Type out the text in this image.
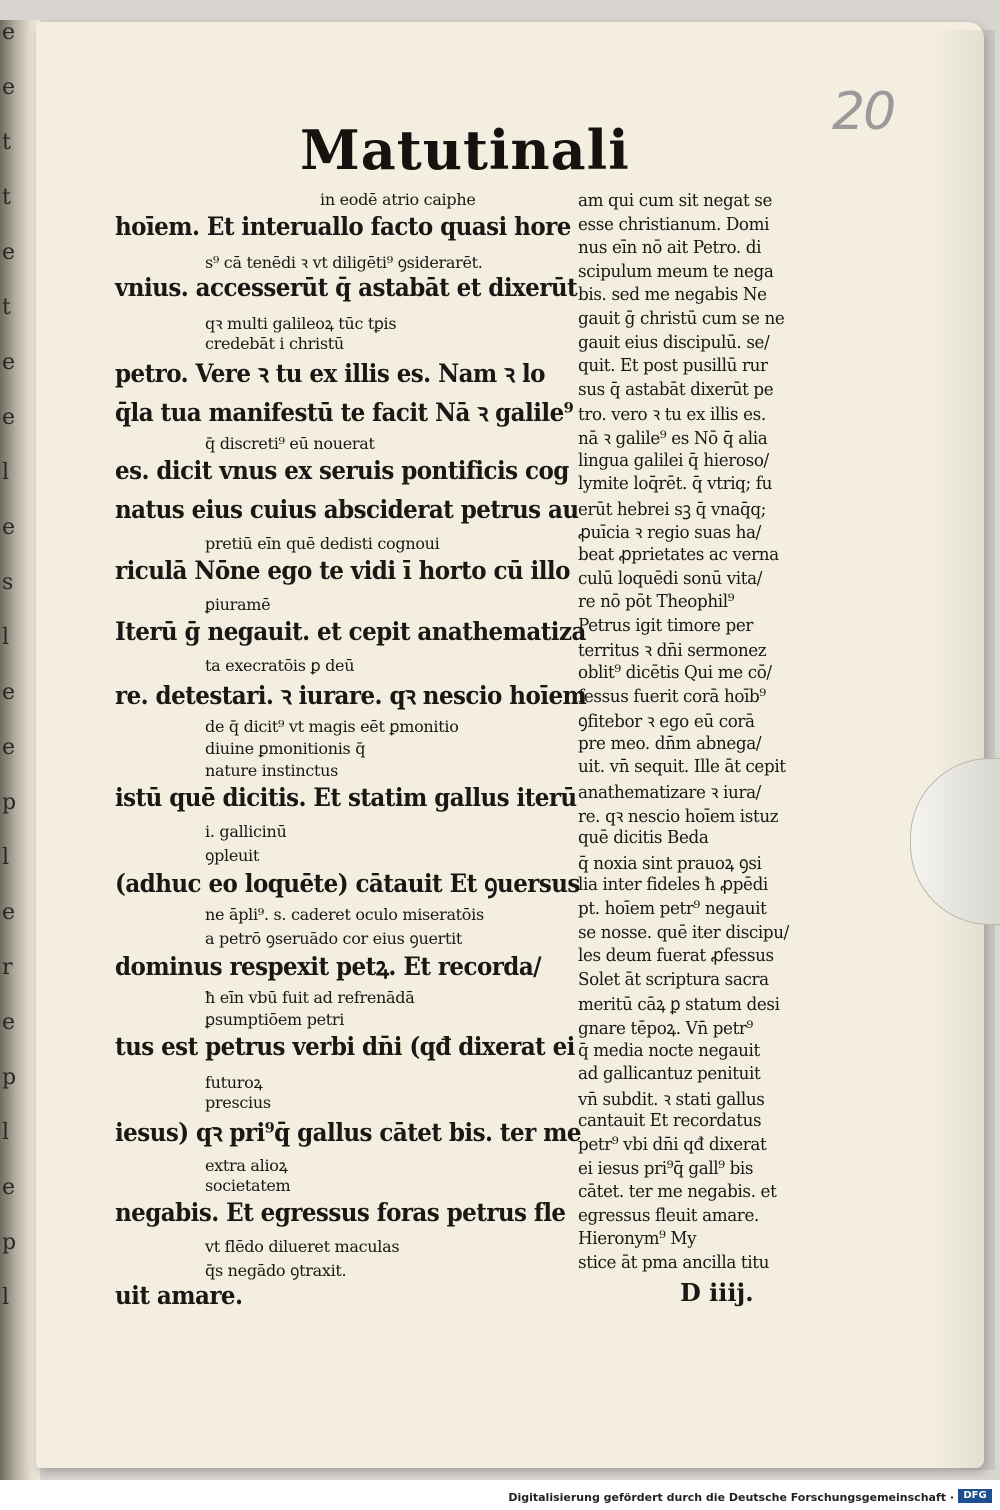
e
e
t
t
e
t
e
e
l
e
s
l
e
e
p
l
e
r
e
p
l
e
p
l
20
Matutinali
in eodē atrio caiphe
hoīem. Et interuallo facto quasi hore
s⁹ cā tenēdi ꝛ vt diligēti⁹ ꝯsiderarēt.
vnius. accesserūt q̄ astabāt et dixerūt
qꝛ multi galileoꝝ tūc tꝑis
credebāt i christū
petro. Vere ꝛ tu ex illis es. Nam ꝛ lo
q̄la tua manifestū te facit Nā ꝛ galile⁹
q̄ discreti⁹ eū nouerat
es. dicit vnus ex seruis pontificis cog
natus eius cuius absciderat petrus au
pretiū eīn quē dedisti cognoui
riculā Nōne ego te vidi ī horto cū illo
ꝑiuramē
Iterū ḡ negauit. et cepit anathematiza
ta execratōis ꝑ deū
re. detestari. ꝛ iurare. qꝛ nescio hoīem
de q̄ dicit⁹ vt magis eēt ꝑmonitio
diuine ꝑmonitionis q̄
nature instinctus
istū quē dicitis. Et statim gallus iterū
i. gallicinū
ꝯpleuit
(adhuc eo loquēte) cātauit Et ꝯuersus
ne āpli⁹. s. caderet oculo miseratōis
a petrō ꝯseruādo cor eius ꝯuertit
dominus respexit petꝝ. Et recorda/
ħ eīn vbū fuit ad refrenādā
ꝑsumptiōem petri
tus est petrus verbi dn̄i (qđ dixerat ei
futuroꝝ
prescius
iesus) qꝛ pri⁹q̄ gallus cātet bis. ter me
extra alioꝝ
societatem
negabis. Et egressus foras petrus fle
vt flēdo dilueret maculas
q̄s negādo ꝯtraxit.
uit amare.
am qui cum sit negat se
esse christianum. Domi
nus eīn nō ait Petro. di
scipulum meum te nega
bis. sed me negabis Ne
gauit ḡ christū cum se ne
gauit eius discipulū. se/
quit. Et post pusillū rur
sus q̄ astabāt dixerūt pe
tro. vero ꝛ tu ex illis es.
nā ꝛ galile⁹ es Nō q̄ alia
lingua galilei q̄ hieroso/
lymite loq̄rēt. q̄ vtriq; fu
erūt hebrei sꝫ q̄ vnaq̄q;
ꝓuīcia ꝛ regio suas ha/
beat ꝓprietates ac verna
culū loquēdi sonū vita/
re nō pōt Theophil⁹
Petrus igit timore per
territus ꝛ dn̄i sermonez
oblit⁹ dicētis Qui me cō/
fessus fuerit corā hoīb⁹
ꝯfitebor ꝛ ego eū corā
pre meo. dn̄m abnega/
uit. vn̄ sequit. Ille āt cepit
anathematizare ꝛ iura/
re. qꝛ nescio hoīem istuz
quē dicitis Beda
q̄ noxia sint prauoꝝ ꝯsi
lia inter fideles ħ ꝓpēdi
pt. hoīem petr⁹ negauit
se nosse. quē iter discipu/
les deum fuerat ꝓfessus
Solet āt scriptura sacra
meritū cāꝝ ꝑ statum desi
gnare tēpoꝝ. Vn̄ petr⁹
q̄ media nocte negauit
ad gallicantuz penituit
vn̄ subdit. ꝛ stati gallus
cantauit Et recordatus
petr⁹ vbi dn̄i qđ dixerat
ei iesus pri⁹q̄ gall⁹ bis
cātet. ter me negabis. et
egressus fleuit amare.
Hieronym⁹ My
stice āt pma ancilla titu
D iiij.
Digitalisierung gefördert durch die Deutsche Forschungsgemeinschaft · DFG
